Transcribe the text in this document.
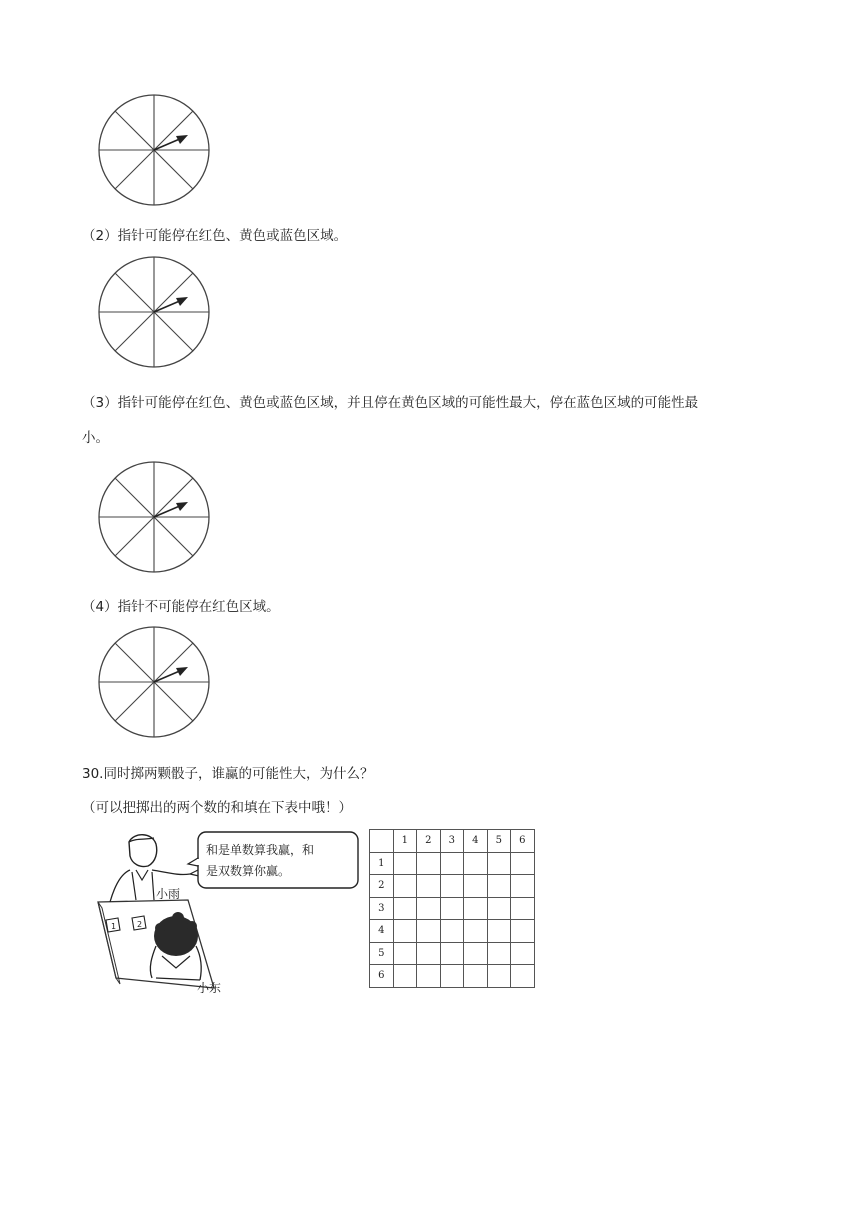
（2）指针可能停在红色、黄色或蓝色区域。
（3）指针可能停在红色、黄色或蓝色区域，并且停在黄色区域的可能性最大，停在蓝色区域的可能性最
小。
（4）指针不可能停在红色区域。
30.同时掷两颗骰子，谁赢的可能性大，为什么？
（可以把掷出的两个数的和填在下表中哦！）
1	2
和是单数算我赢，和
是双数算你赢。
小雨
小东
	1	2	3	4	5	6
1						
2						
3						
4						
5						
6						
